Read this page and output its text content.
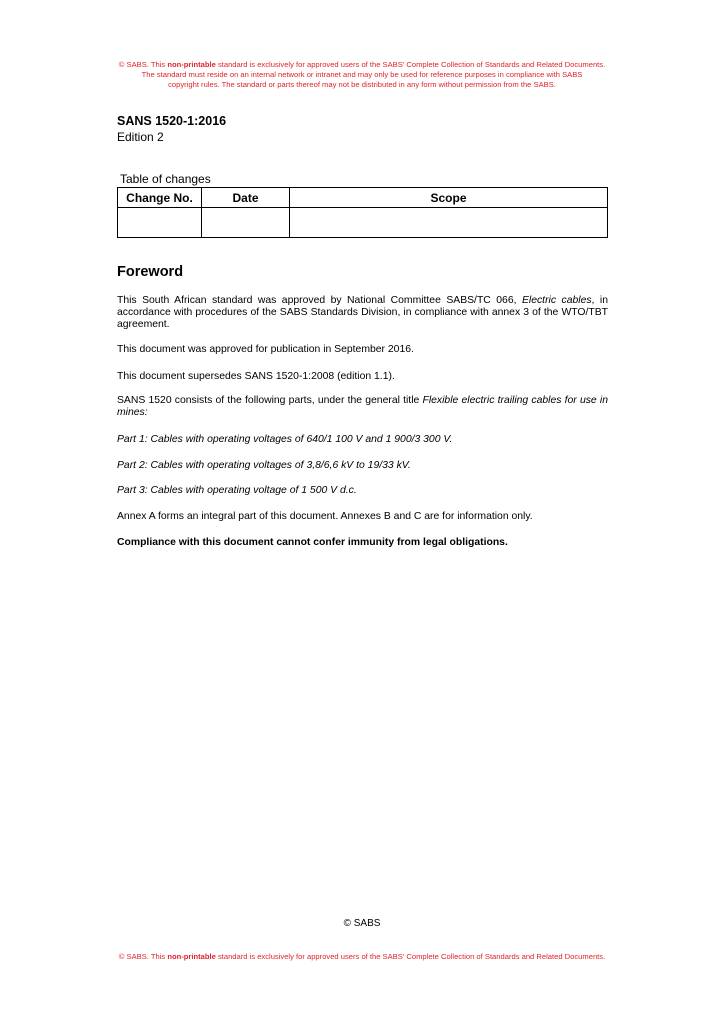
© SABS. This non-printable standard is exclusively for approved users of the SABS' Complete Collection of Standards and Related Documents.
The standard must reside on an internal network or intranet and may only be used for reference purposes in compliance with SABS
copyright rules. The standard or parts thereof may not be distributed in any form without permission from the SABS.
SANS 1520-1:2016
Edition 2
Table of changes
Change No.	Date	Scope

Foreword
This South African standard was approved by National Committee SABS/TC 066, Electric cables, in accordance with procedures of the SABS Standards Division, in compliance with annex 3 of the WTO/TBT agreement.
This document was approved for publication in September 2016.
This document supersedes SANS 1520-1:2008 (edition 1.1).
SANS 1520 consists of the following parts, under the general title Flexible electric trailing cables for use in mines:
Part 1: Cables with operating voltages of 640/1 100 V and 1 900/3 300 V.
Part 2: Cables with operating voltages of 3,8/6,6 kV to 19/33 kV.
Part 3: Cables with operating voltage of 1 500 V d.c.
Annex A forms an integral part of this document. Annexes B and C are for information only.
Compliance with this document cannot confer immunity from legal obligations.
© SABS
© SABS. This non-printable standard is exclusively for approved users of the SABS' Complete Collection of Standards and Related Documents.
